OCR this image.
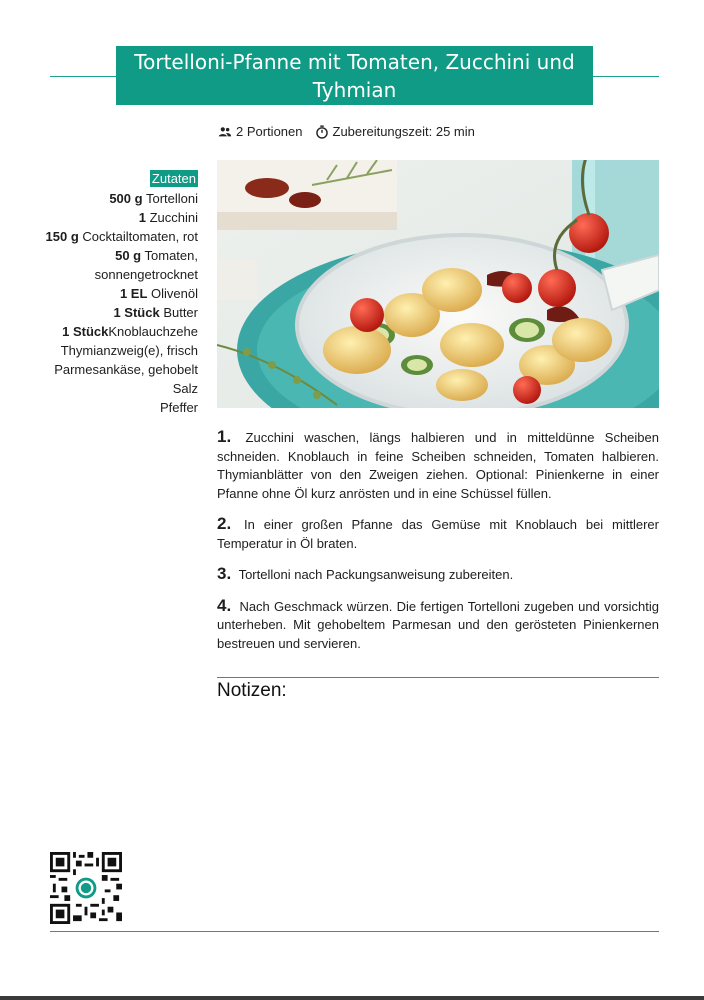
Tortelloni-Pfanne mit Tomaten, Zucchini und Tyhmian
2 Portionen Zubereitungszeit: 25 min
Zutaten
500 g Tortelloni
1 Zucchini
150 g Cocktailtomaten, rot
50 g Tomaten, sonnengetrocknet
1 EL Olivenöl
1 Stück Butter
1 StückKnoblauchzehe
Thymianzweig(e), frisch
Parmesankäse, gehobelt
Salz
Pfeffer

1. Zucchini waschen, längs halbieren und in mitteldünne Scheiben schneiden. Knoblauch in feine Scheiben schneiden, Tomaten halbieren. Thymianblätter von den Zweigen ziehen. Optional: Pinienkerne in einer Pfanne ohne Öl kurz anrösten und in eine Schüssel füllen.

2. In einer großen Pfanne das Gemüse mit Knoblauch bei mittlerer Temperatur in Öl braten.

3. Tortelloni nach Packungsanweisung zubereiten.

4. Nach Geschmack würzen. Die fertigen Tortelloni zugeben und vorsichtig unterheben. Mit gehobeltem Parmesan und den gerösteten Pinienkernen bestreuen und servieren.

Notizen:
